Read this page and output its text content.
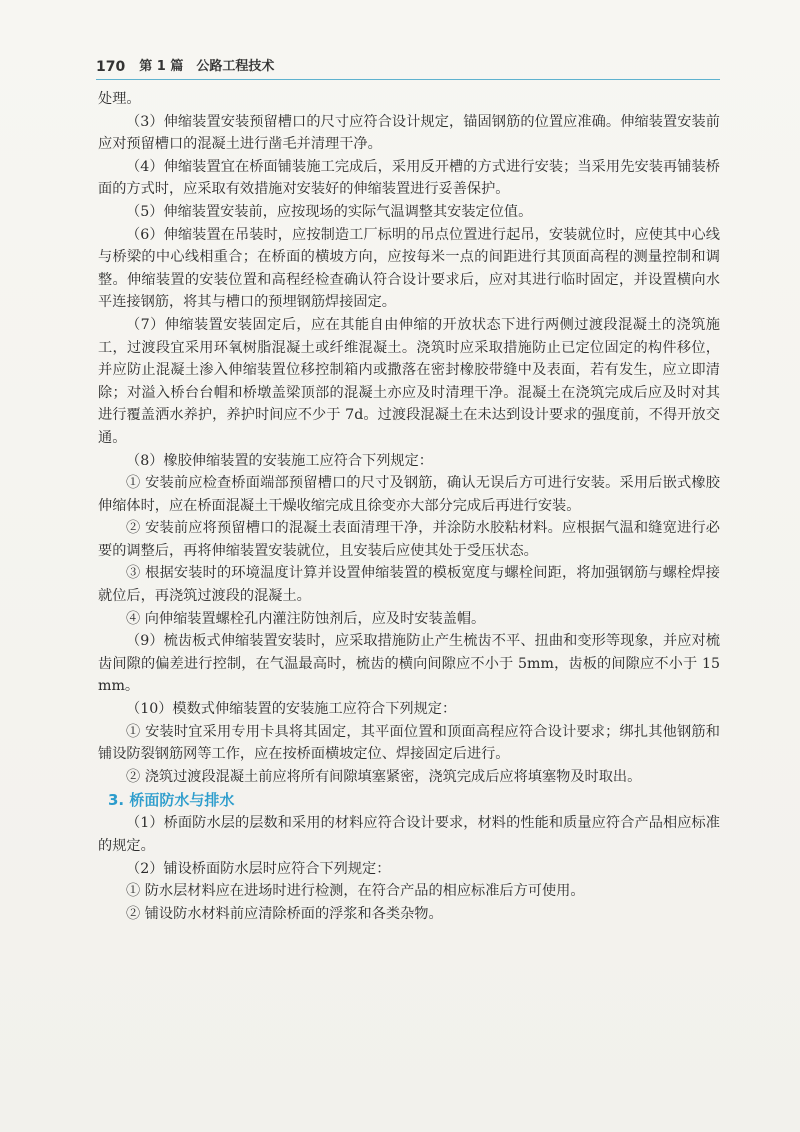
170 第 1 篇　公路工程技术

处理。

（3）伸缩装置安装预留槽口的尺寸应符合设计规定，锚固钢筋的位置应准确。伸缩装置安装前应对预留槽口的混凝土进行凿毛并清理干净。

（4）伸缩装置宜在桥面铺装施工完成后，采用反开槽的方式进行安装；当采用先安装再铺装桥面的方式时，应采取有效措施对安装好的伸缩装置进行妥善保护。

（5）伸缩装置安装前，应按现场的实际气温调整其安装定位值。

（6）伸缩装置在吊装时，应按制造工厂标明的吊点位置进行起吊，安装就位时，应使其中心线与桥梁的中心线相重合；在桥面的横坡方向，应按每米一点的间距进行其顶面高程的测量控制和调整。伸缩装置的安装位置和高程经检查确认符合设计要求后，应对其进行临时固定，并设置横向水平连接钢筋，将其与槽口的预埋钢筋焊接固定。

（7）伸缩装置安装固定后，应在其能自由伸缩的开放状态下进行两侧过渡段混凝土的浇筑施工，过渡段宜采用环氧树脂混凝土或纤维混凝土。浇筑时应采取措施防止已定位固定的构件移位，并应防止混凝土渗入伸缩装置位移控制箱内或撒落在密封橡胶带缝中及表面，若有发生，应立即清除；对溢入桥台台帽和桥墩盖梁顶部的混凝土亦应及时清理干净。混凝土在浇筑完成后应及时对其进行覆盖洒水养护，养护时间应不少于 7d。过渡段混凝土在未达到设计要求的强度前，不得开放交通。

（8）橡胶伸缩装置的安装施工应符合下列规定：

① 安装前应检查桥面端部预留槽口的尺寸及钢筋，确认无误后方可进行安装。采用后嵌式橡胶伸缩体时，应在桥面混凝土干燥收缩完成且徐变亦大部分完成后再进行安装。

② 安装前应将预留槽口的混凝土表面清理干净，并涂防水胶粘材料。应根据气温和缝宽进行必要的调整后，再将伸缩装置安装就位，且安装后应使其处于受压状态。

③ 根据安装时的环境温度计算并设置伸缩装置的模板宽度与螺栓间距，将加强钢筋与螺栓焊接就位后，再浇筑过渡段的混凝土。

④ 向伸缩装置螺栓孔内灌注防蚀剂后，应及时安装盖帽。

（9）梳齿板式伸缩装置安装时，应采取措施防止产生梳齿不平、扭曲和变形等现象，并应对梳齿间隙的偏差进行控制，在气温最高时，梳齿的横向间隙应不小于 5mm，齿板的间隙应不小于 15mm。

（10）模数式伸缩装置的安装施工应符合下列规定：

① 安装时宜采用专用卡具将其固定，其平面位置和顶面高程应符合设计要求；绑扎其他钢筋和铺设防裂钢筋网等工作，应在按桥面横坡定位、焊接固定后进行。

② 浇筑过渡段混凝土前应将所有间隙填塞紧密，浇筑完成后应将填塞物及时取出。

3. 桥面防水与排水

（1）桥面防水层的层数和采用的材料应符合设计要求，材料的性能和质量应符合产品相应标准的规定。

（2）铺设桥面防水层时应符合下列规定：

① 防水层材料应在进场时进行检测，在符合产品的相应标准后方可使用。

② 铺设防水材料前应清除桥面的浮浆和各类杂物。
